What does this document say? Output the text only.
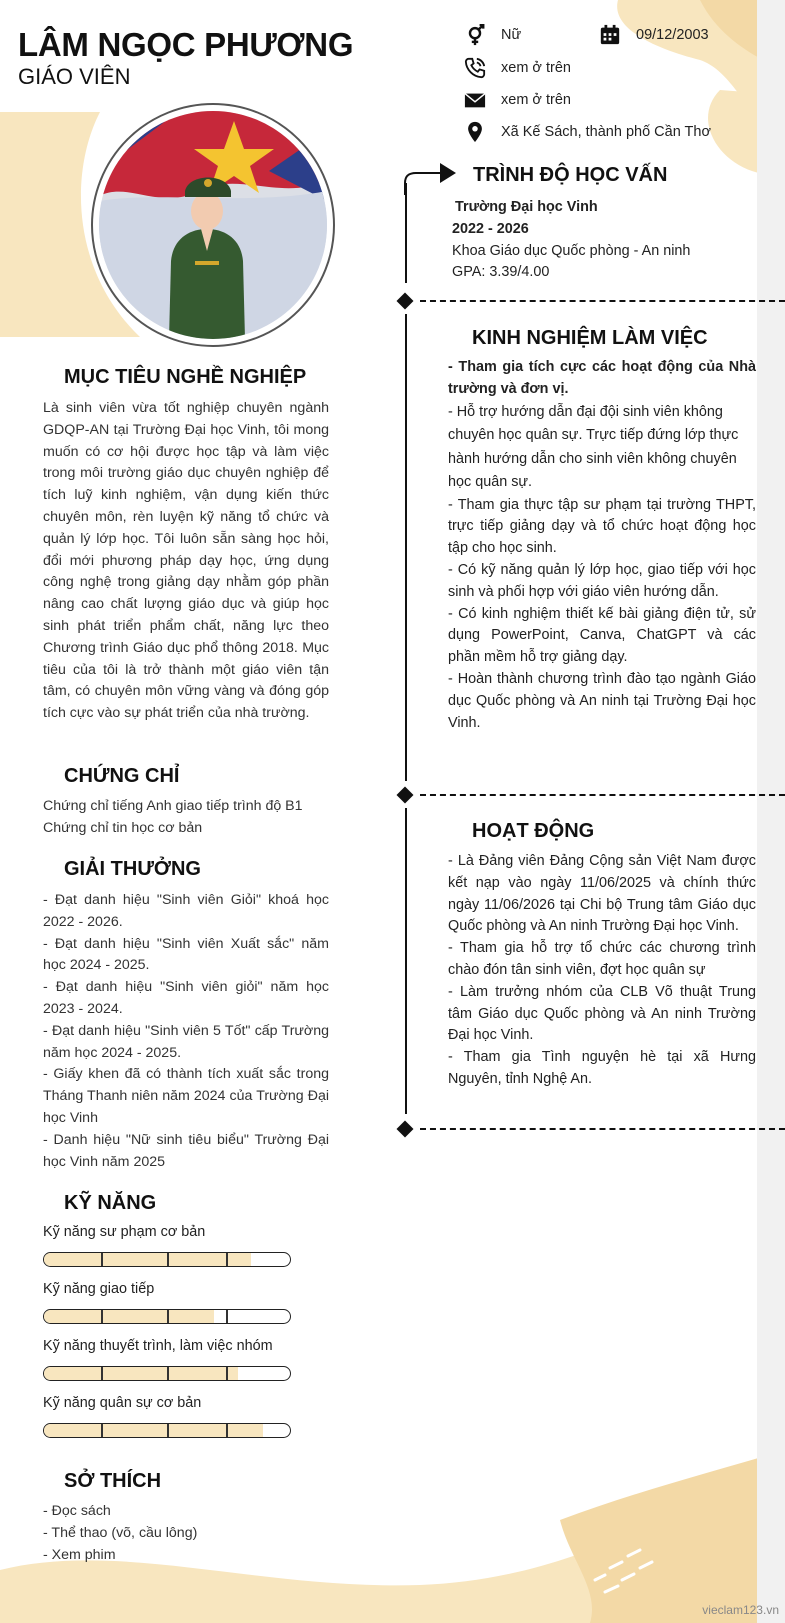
LÂM NGỌC PHƯƠNG
GIÁO VIÊN
Nữ	09/12/2003
xem ở trên
xem ở trên
Xã Kế Sách, thành phố Cần Thơ
MỤC TIÊU NGHỀ NGHIỆP
Là sinh viên vừa tốt nghiệp chuyên ngành GDQP-AN tại Trường Đại học Vinh, tôi mong muốn có cơ hội được học tập và làm việc trong môi trường giáo dục chuyên nghiệp để tích luỹ kinh nghiệm, vận dụng kiến thức chuyên môn, rèn luyện kỹ năng tổ chức và quản lý lớp học. Tôi luôn sẵn sàng học hỏi, đổi mới phương pháp dạy học, ứng dụng công nghệ trong giảng dạy nhằm góp phần nâng cao chất lượng giáo dục và giúp học sinh phát triển phẩm chất, năng lực theo Chương trình Giáo dục phổ thông 2018. Mục tiêu của tôi là trở thành một giáo viên tận tâm, có chuyên môn vững vàng và đóng góp tích cực vào sự phát triển của nhà trường.
CHỨNG CHỈ

Chứng chỉ tiếng Anh giao tiếp trình độ B1

Chứng chỉ tin học cơ bản

GIẢI THƯỞNG

- Đạt danh hiệu "Sinh viên Giỏi" khoá học 2022 - 2026.

- Đạt danh hiệu "Sinh viên Xuất sắc" năm học 2024 - 2025.

- Đạt danh hiệu "Sinh viên giỏi" năm học 2023 - 2024.

- Đạt danh hiệu "Sinh viên 5 Tốt" cấp Trường năm học 2024 - 2025.

- Giấy khen đã có thành tích xuất sắc trong Tháng Thanh niên năm 2024 của Trường Đại học Vinh

- Danh hiệu "Nữ sinh tiêu biểu" Trường Đại học Vinh năm 2025

KỸ NĂNG
Kỹ năng sư phạm cơ bản
Kỹ năng giao tiếp
Kỹ năng thuyết trình, làm việc nhóm
Kỹ năng quân sự cơ bản
SỞ THÍCH

- Đọc sách

- Thể thao (võ, cầu lông)

- Xem phim

TRÌNH ĐỘ HỌC VẤN

Trường Đại học Vinh

2022 - 2026

Khoa Giáo dục Quốc phòng - An ninh

GPA: 3.39/4.00

KINH NGHIỆM LÀM VIỆC

- Tham gia tích cực các hoạt động của Nhà trường và đơn vị.

- Hỗ trợ hướng dẫn đại đội sinh viên không chuyên học quân sự. Trực tiếp đứng lớp thực hành hướng dẫn cho sinh viên không chuyên học quân sự.

- Tham gia thực tập sư phạm tại trường THPT, trực tiếp giảng dạy và tổ chức hoạt động học tập cho học sinh.

- Có kỹ năng quản lý lớp học, giao tiếp với học sinh và phối hợp với giáo viên hướng dẫn.

- Có kinh nghiệm thiết kế bài giảng điện tử, sử dụng PowerPoint, Canva, ChatGPT và các phần mềm hỗ trợ giảng dạy.

- Hoàn thành chương trình đào tạo ngành Giáo dục Quốc phòng và An ninh tại Trường Đại học Vinh.

HOẠT ĐỘNG

- Là Đảng viên Đảng Cộng sản Việt Nam được kết nạp vào ngày 11/06/2025 và chính thức ngày 11/06/2026 tại Chi bộ Trung tâm Giáo dục Quốc phòng và An ninh Trường Đại học Vinh.

- Tham gia hỗ trợ tổ chức các chương trình chào đón tân sinh viên, đợt học quân sự

- Làm trưởng nhóm của CLB Võ thuật Trung tâm Giáo dục Quốc phòng và An ninh Trường Đại học Vinh.

- Tham gia Tình nguyện hè tại xã Hưng Nguyên, tỉnh Nghệ An.

vieclam123.vn
